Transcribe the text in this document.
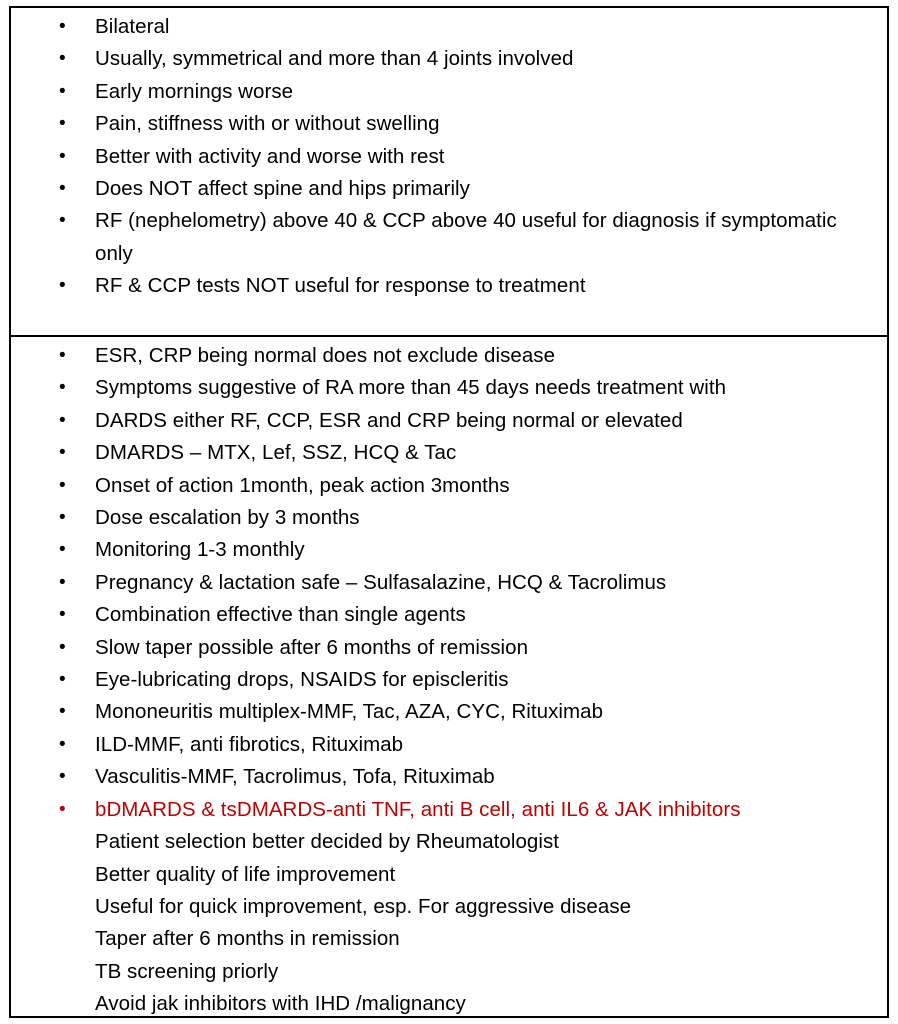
•	Bilateral
•	Usually, symmetrical and more than 4 joints involved
•	Early mornings worse
•	Pain, stiffness with or without swelling
•	Better with activity and worse with rest
•	Does NOT affect spine and hips primarily
•	RF (nephelometry) above 40 & CCP above 40 useful for diagnosis if symptomatic only
•	RF & CCP tests NOT useful for response to treatment
•	ESR, CRP being normal does not exclude disease
•	Symptoms suggestive of RA more than 45 days needs treatment with
•	DARDS either RF, CCP, ESR and CRP being normal or elevated
•	DMARDS – MTX, Lef, SSZ, HCQ & Tac
•	Onset of action 1month, peak action 3months
•	Dose escalation by 3 months
•	Monitoring 1-3 monthly
•	Pregnancy & lactation safe – Sulfasalazine, HCQ & Tacrolimus
•	Combination effective than single agents
•	Slow taper possible after 6 months of remission
•	Eye-lubricating drops, NSAIDS for episcleritis
•	Mononeuritis multiplex-MMF, Tac, AZA, CYC, Rituximab
•	ILD-MMF, anti fibrotics, Rituximab
•	Vasculitis-MMF, Tacrolimus, Tofa, Rituximab
•	bDMARDS & tsDMARDS-anti TNF, anti B cell, anti IL6 & JAK inhibitors
Patient selection better decided by Rheumatologist
Better quality of life improvement
Useful for quick improvement, esp. For aggressive disease
Taper after 6 months in remission
TB screening priorly
Avoid jak inhibitors with IHD /malignancy
